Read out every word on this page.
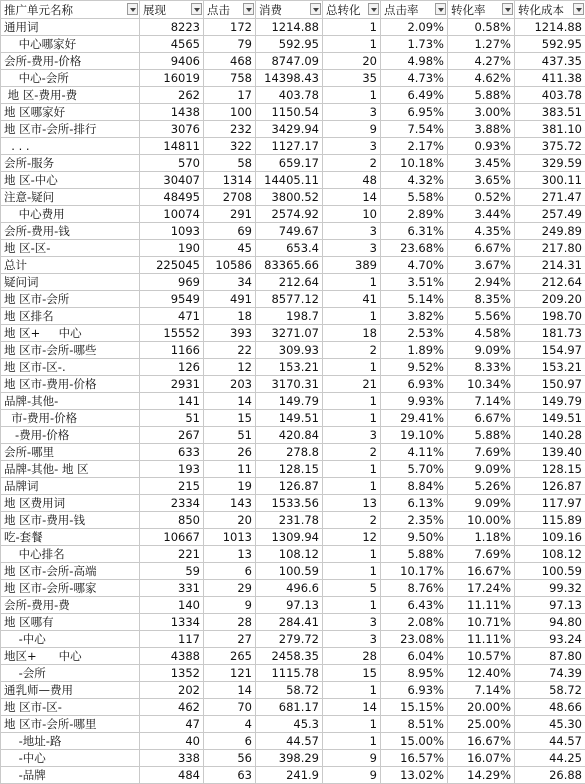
推广单元名称	展现	点击	消费	总转化	点击率	转化率	转化成本

通用词	8223	172	1214.88	1	2.09%	0.58%	1214.88
中心哪家好	4565	79	592.95	1	1.73%	1.27%	592.95
会所-费用-价格	9406	468	8747.09	20	4.98%	4.27%	437.35
中心-会所	16019	758	14398.43	35	4.73%	4.62%	411.38
地 区-费用-费	262	17	403.78	1	6.49%	5.88%	403.78
地 区哪家好	1438	100	1150.54	3	6.95%	3.00%	383.51
地 区市-会所-排行	3076	232	3429.94	9	7.54%	3.88%	381.10
. . .	14811	322	1127.17	3	2.17%	0.93%	375.72
会所-服务	570	58	659.17	2	10.18%	3.45%	329.59
地 区-中心	30407	1314	14405.11	48	4.32%	3.65%	300.11
注意-疑问	48495	2708	3800.52	14	5.58%	0.52%	271.47
中心费用	10074	291	2574.92	10	2.89%	3.44%	257.49
会所-费用-钱	1093	69	749.67	3	6.31%	4.35%	249.89
地 区-区-	190	45	653.4	3	23.68%	6.67%	217.80
总计	225045	10586	83365.66	389	4.70%	3.67%	214.31
疑问词	969	34	212.64	1	3.51%	2.94%	212.64
地 区市-会所	9549	491	8577.12	41	5.14%	8.35%	209.20
地 区排名	471	18	198.7	1	3.82%	5.56%	198.70
地 区+     中心	15552	393	3271.07	18	2.53%	4.58%	181.73
地 区市-会所-哪些	1166	22	309.93	2	1.89%	9.09%	154.97
地 区市-区-.	126	12	153.21	1	9.52%	8.33%	153.21
地 区市-费用-价格	2931	203	3170.31	21	6.93%	10.34%	150.97
品牌-其他-	141	14	149.79	1	9.93%	7.14%	149.79
市-费用-价格	51	15	149.51	1	29.41%	6.67%	149.51
-费用-价格	267	51	420.84	3	19.10%	5.88%	140.28
会所-哪里	633	26	278.8	2	4.11%	7.69%	139.40
品牌-其他- 地 区	193	11	128.15	1	5.70%	9.09%	128.15
品牌词	215	19	126.87	1	8.84%	5.26%	126.87
地 区费用词	2334	143	1533.56	13	6.13%	9.09%	117.97
地 区市-费用-钱	850	20	231.78	2	2.35%	10.00%	115.89
吃-套餐	10667	1013	1309.94	12	9.50%	1.18%	109.16
中心排名	221	13	108.12	1	5.88%	7.69%	108.12
地 区市-会所-高端	59	6	100.59	1	10.17%	16.67%	100.59
地 区市-会所-哪家	331	29	496.6	5	8.76%	17.24%	99.32
会所-费用-费	140	9	97.13	1	6.43%	11.11%	97.13
地 区哪有	1334	28	284.41	3	2.08%	10.71%	94.80
-中心	117	27	279.72	3	23.08%	11.11%	93.24
地区+      中心	4388	265	2458.35	28	6.04%	10.57%	87.80
-会所	1352	121	1115.78	15	8.95%	12.40%	74.39
通乳师—费用	202	14	58.72	1	6.93%	7.14%	58.72
地 区市-区-	462	70	681.17	14	15.15%	20.00%	48.66
地 区市-会所-哪里	47	4	45.3	1	8.51%	25.00%	45.30
-地址-路	40	6	44.57	1	15.00%	16.67%	44.57
-中心	338	56	398.29	9	16.57%	16.07%	44.25
-品牌	484	63	241.9	9	13.02%	14.29%	26.88
